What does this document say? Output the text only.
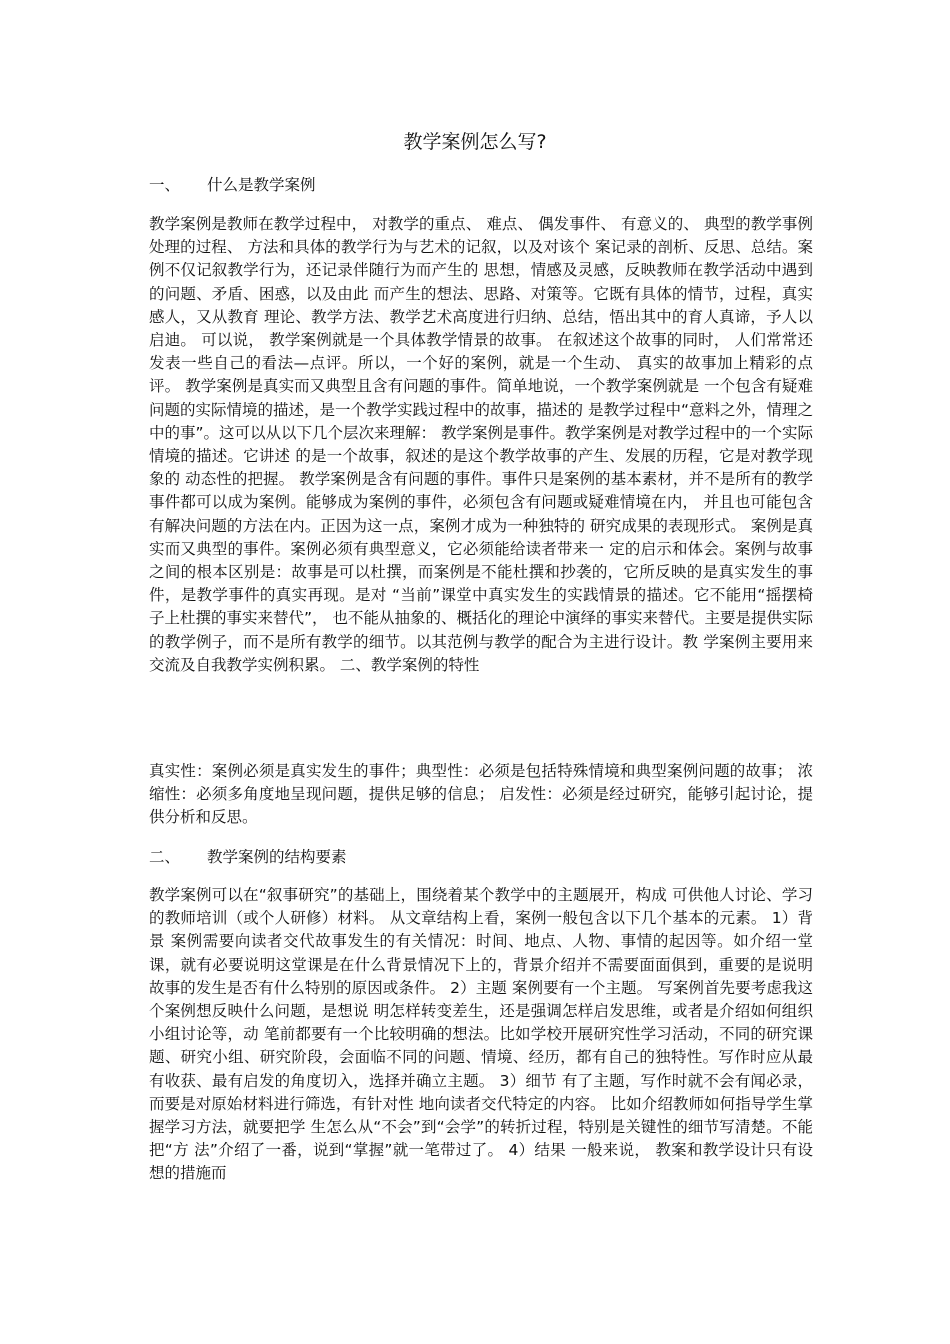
教学案例怎么写?
一、 什么是教学案例

教学案例是教师在教学过程中， 对教学的重点、 难点、 偶发事件、 有意义的、 典型的教学事例处理的过程、 方法和具体的教学行为与艺术的记叙，以及对该个 案记录的剖析、反思、总结。案例不仅记叙教学行为，还记录伴随行为而产生的 思想，情感及灵感，反映教师在教学活动中遇到的问题、矛盾、困惑，以及由此 而产生的想法、思路、对策等。它既有具体的情节，过程，真实感人，又从教育 理论、教学方法、教学艺术高度进行归纳、总结，悟出其中的育人真谛，予人以 启迪。 可以说， 教学案例就是一个具体教学情景的故事。 在叙述这个故事的同时， 人们常常还发表一些自己的看法—点评。所以，一个好的案例，就是一个生动、 真实的故事加上精彩的点评。 教学案例是真实而又典型且含有问题的事件。简单地说，一个教学案例就是 一个包含有疑难问题的实际情境的描述，是一个教学实践过程中的故事，描述的 是教学过程中“意料之外，情理之中的事”。这可以从以下几个层次来理解： 教学案例是事件。教学案例是对教学过程中的一个实际情境的描述。它讲述 的是一个故事，叙述的是这个教学故事的产生、发展的历程，它是对教学现象的 动态性的把握。 教学案例是含有问题的事件。事件只是案例的基本素材，并不是所有的教学 事件都可以成为案例。能够成为案例的事件，必须包含有问题或疑难情境在内， 并且也可能包含有解决问题的方法在内。正因为这一点，案例才成为一种独特的 研究成果的表现形式。 案例是真实而又典型的事件。案例必须有典型意义，它必须能给读者带来一 定的启示和体会。案例与故事之间的根本区别是：故事是可以杜撰，而案例是不能杜撰和抄袭的，它所反映的是真实发生的事件，是教学事件的真实再现。是对 “当前”课堂中真实发生的实践情景的描述。它不能用“摇摆椅子上杜撰的事实来替代”， 也不能从抽象的、概括化的理论中演绎的事实来替代。主要是提供实际 的教学例子，而不是所有教学的细节。以其范例与教学的配合为主进行设计。教 学案例主要用来交流及自我教学实例积累。 二、教学案例的特性

真实性：案例必须是真实发生的事件；典型性：必须是包括特殊情境和典型案例问题的故事； 浓缩性：必须多角度地呈现问题，提供足够的信息； 启发性：必须是经过研究，能够引起讨论，提供分析和反思。

二、 教学案例的结构要素

教学案例可以在“叙事研究”的基础上，围绕着某个教学中的主题展开，构成 可供他人讨论、学习的教师培训（或个人研修）材料。 从文章结构上看，案例一般包含以下几个基本的元素。 1）背景 案例需要向读者交代故事发生的有关情况：时间、地点、人物、事情的起因等。如介绍一堂课，就有必要说明这堂课是在什么背景情况下上的，背景介绍并不需要面面俱到，重要的是说明故事的发生是否有什么特别的原因或条件。 2）主题 案例要有一个主题。 写案例首先要考虑我这个案例想反映什么问题，是想说 明怎样转变差生，还是强调怎样启发思维，或者是介绍如何组织小组讨论等，动 笔前都要有一个比较明确的想法。比如学校开展研究性学习活动，不同的研究课 题、研究小组、研究阶段，会面临不同的问题、情境、经历，都有自己的独特性。写作时应从最有收获、最有启发的角度切入，选择并确立主题。 3）细节 有了主题，写作时就不会有闻必录，而要是对原始材料进行筛选，有针对性 地向读者交代特定的内容。 比如介绍教师如何指导学生掌握学习方法，就要把学 生怎么从“不会”到“会学”的转折过程，特别是关键性的细节写清楚。不能把“方 法”介绍了一番，说到“掌握”就一笔带过了。 4）结果 一般来说， 教案和教学设计只有设想的措施而
